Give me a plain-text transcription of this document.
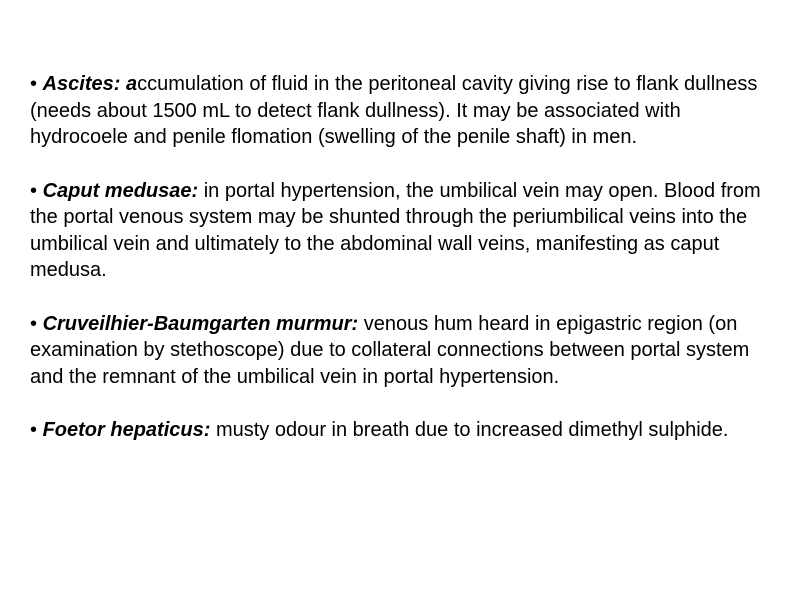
• Ascites: accumulation of fluid in the peritoneal cavity giving rise to flank dullness (needs about 1500 mL to detect flank dullness). It may be associated with hydrocoele and penile flomation (swelling of the penile shaft) in men.

• Caput medusae: in portal hypertension, the umbilical vein may open. Blood from the portal venous system may be shunted through the periumbilical veins into the umbilical vein and ultimately to the abdominal wall veins, manifesting as caput medusa.

• Cruveilhier-Baumgarten murmur: venous hum heard in epigastric region (on examination by stethoscope) due to collateral connections between portal system and the remnant of the umbilical vein in portal hypertension.

• Foetor hepaticus: musty odour in breath due to increased dimethyl sulphide.
